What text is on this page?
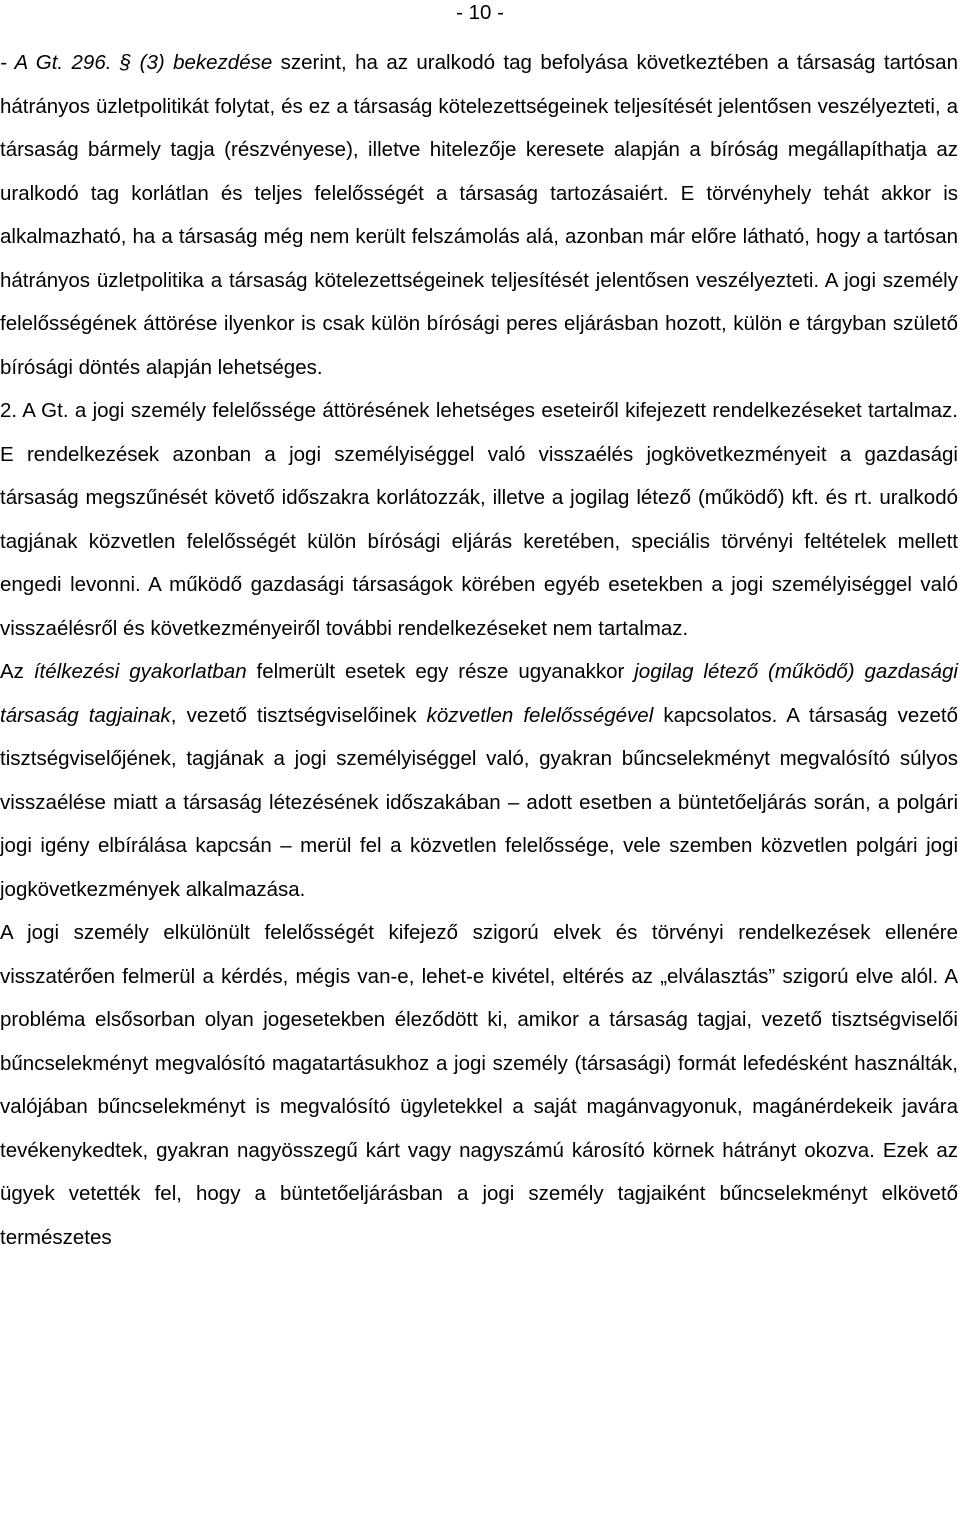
- 10 -

- A Gt. 296. § (3) bekezdése szerint, ha az uralkodó tag befolyása következtében a társaság tartósan hátrányos üzletpolitikát folytat, és ez a társaság kötelezettségeinek teljesítését jelentősen veszélyezteti, a társaság bármely tagja (részvényese), illetve hitelezője keresete alapján a bíróság megállapíthatja az uralkodó tag korlátlan és teljes felelősségét a társaság tartozásaiért. E törvényhely tehát akkor is alkalmazható, ha a társaság még nem került felszámolás alá, azonban már előre látható, hogy a tartósan hátrányos üzletpolitika a társaság kötelezettségeinek teljesítését jelentősen veszélyezteti. A jogi személy felelősségének áttörése ilyenkor is csak külön bírósági peres eljárásban hozott, külön e tárgyban születő bírósági döntés alapján lehetséges.

2. A Gt. a jogi személy felelőssége áttörésének lehetséges eseteiről kifejezett rendelkezéseket tartalmaz. E rendelkezések azonban a jogi személyiséggel való visszaélés jogkövetkezményeit a gazdasági társaság megszűnését követő időszakra korlátozzák, illetve a jogilag létező (működő) kft. és rt. uralkodó tagjának közvetlen felelősségét külön bírósági eljárás keretében, speciális törvényi feltételek mellett engedi levonni. A működő gazdasági társaságok körében egyéb esetekben a jogi személyiséggel való visszaélésről és következményeiről további rendelkezéseket nem tartalmaz.

Az ítélkezési gyakorlatban felmerült esetek egy része ugyanakkor jogilag létező (működő) gazdasági társaság tagjainak, vezető tisztségviselőinek közvetlen felelősségével kapcsolatos. A társaság vezető tisztségviselőjének, tagjának a jogi személyiséggel való, gyakran bűncselekményt megvalósító súlyos visszaélése miatt a társaság létezésének időszakában – adott esetben a büntetőeljárás során, a polgári jogi igény elbírálása kapcsán – merül fel a közvetlen felelőssége, vele szemben közvetlen polgári jogi jogkövetkezmények alkalmazása.

A jogi személy elkülönült felelősségét kifejező szigorú elvek és törvényi rendelkezések ellenére visszatérően felmerül a kérdés, mégis van-e, lehet-e kivétel, eltérés az „elválasztás” szigorú elve alól. A probléma elsősorban olyan jogesetekben éleződött ki, amikor a társaság tagjai, vezető tisztségviselői bűncselekményt megvalósító magatartásukhoz a jogi személy (társasági) formát lefedésként használták, valójában bűncselekményt is megvalósító ügyletekkel a saját magánvagyonuk, magánérdekeik javára tevékenykedtek, gyakran nagyösszegű kárt vagy nagyszámú károsító körnek hátrányt okozva. Ezek az ügyek vetették fel, hogy a büntetőeljárásban a jogi személy tagjaiként bűncselekményt elkövető természetes
